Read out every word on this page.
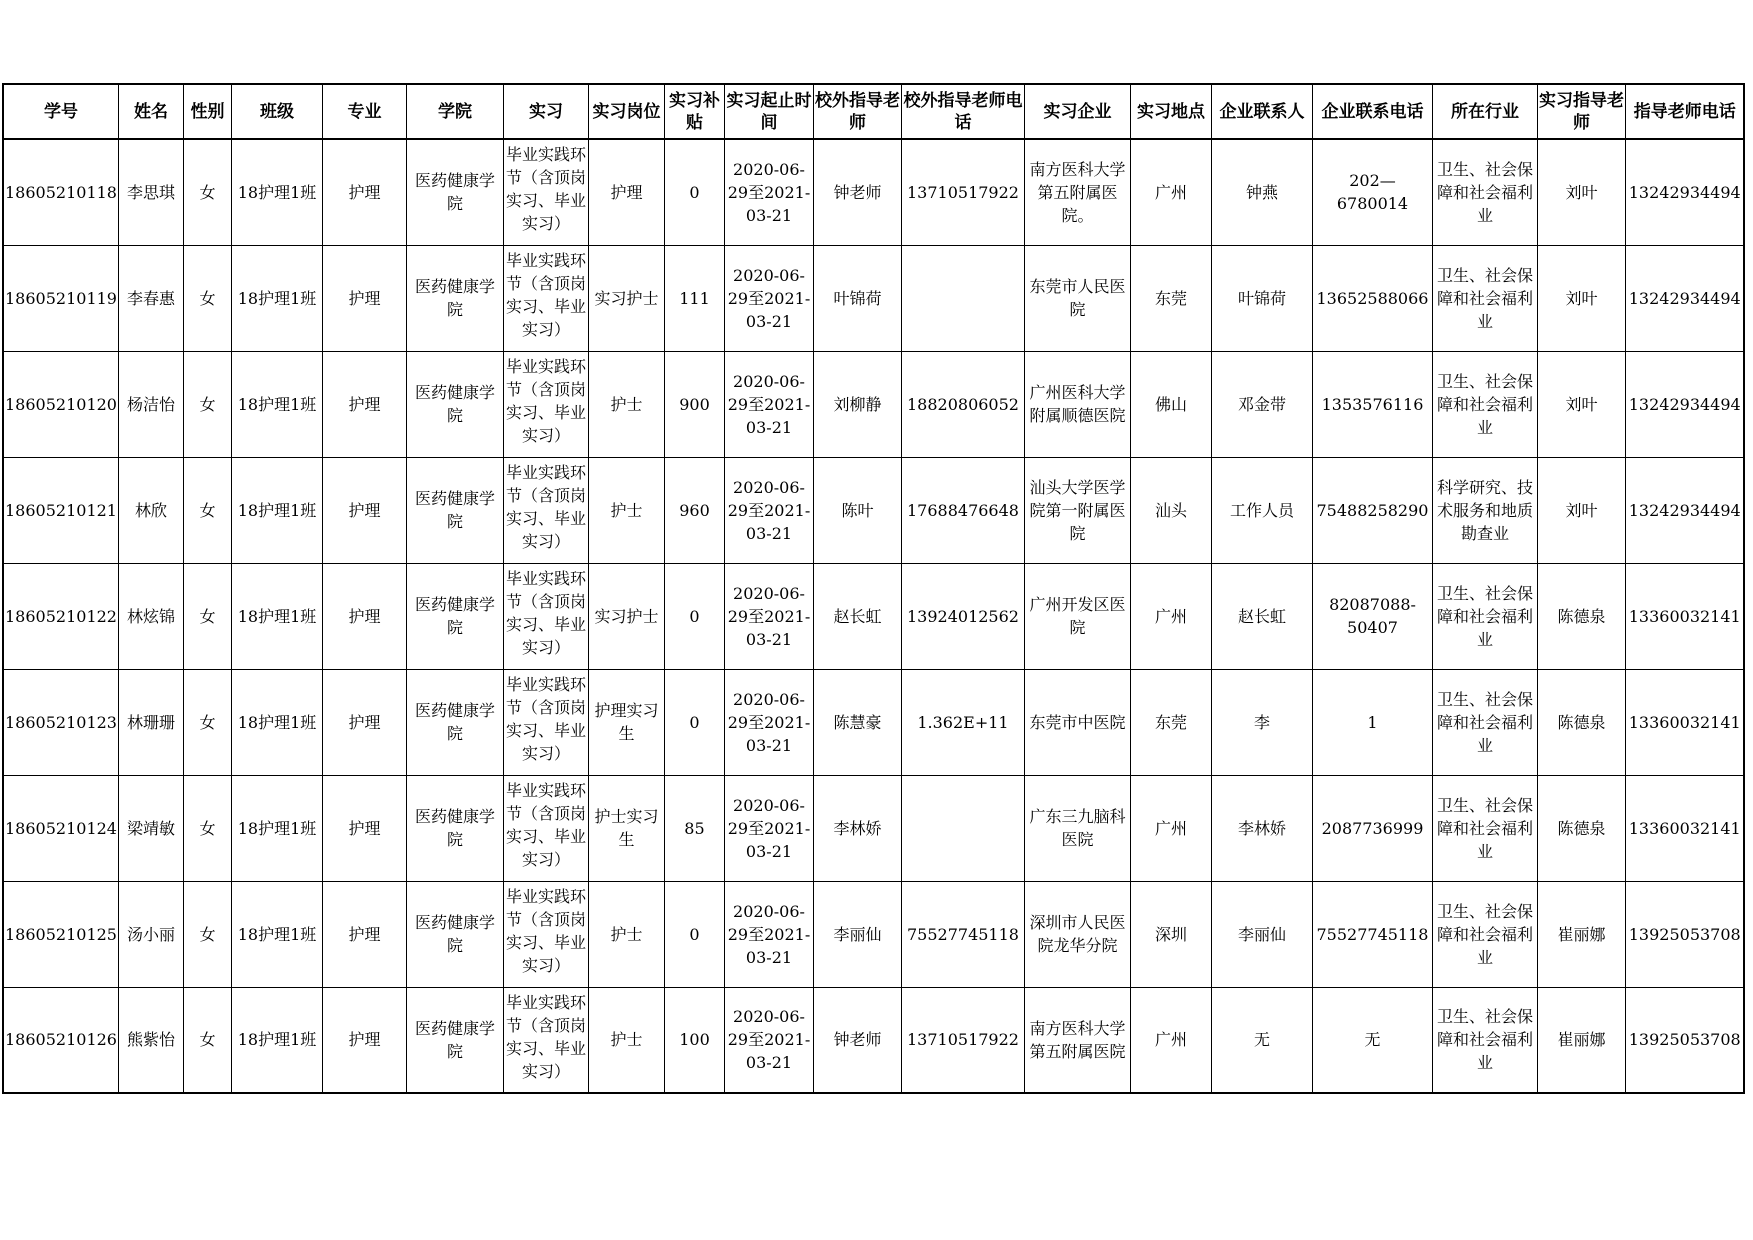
学号	姓名	性别	班级	专业	学院	实习	实习岗位	实习补贴	实习起止时间	校外指导老师	校外指导老师电话	实习企业	实习地点	企业联系人	企业联系电话	所在行业	实习指导老师	指导老师电话
18605210118	李思琪	女	18护理1班	护理	医药健康学院	毕业实践环节（含顶岗实习、毕业实习）	护理	0	2020-06-29至2021-03-21	钟老师	13710517922	南方医科大学第五附属医院。	广州	钟燕	202—6780014	卫生、社会保障和社会福利业	刘叶	13242934494
18605210119	李春惠	女	18护理1班	护理	医药健康学院	毕业实践环节（含顶岗实习、毕业实习）	实习护士	111	2020-06-29至2021-03-21	叶锦荷		东莞市人民医院	东莞	叶锦荷	13652588066	卫生、社会保障和社会福利业	刘叶	13242934494
18605210120	杨洁怡	女	18护理1班	护理	医药健康学院	毕业实践环节（含顶岗实习、毕业实习）	护士	900	2020-06-29至2021-03-21	刘柳静	18820806052	广州医科大学附属顺德医院	佛山	邓金带	1353576116	卫生、社会保障和社会福利业	刘叶	13242934494
18605210121	林欣	女	18护理1班	护理	医药健康学院	毕业实践环节（含顶岗实习、毕业实习）	护士	960	2020-06-29至2021-03-21	陈叶	17688476648	汕头大学医学院第一附属医院	汕头	工作人员	75488258290	科学研究、技术服务和地质勘查业	刘叶	13242934494
18605210122	林炫锦	女	18护理1班	护理	医药健康学院	毕业实践环节（含顶岗实习、毕业实习）	实习护士	0	2020-06-29至2021-03-21	赵长虹	13924012562	广州开发区医院	广州	赵长虹	82087088-50407	卫生、社会保障和社会福利业	陈德泉	13360032141
18605210123	林珊珊	女	18护理1班	护理	医药健康学院	毕业实践环节（含顶岗实习、毕业实习）	护理实习生	0	2020-06-29至2021-03-21	陈慧豪	1.362E+11	东莞市中医院	东莞	李	1	卫生、社会保障和社会福利业	陈德泉	13360032141
18605210124	梁靖敏	女	18护理1班	护理	医药健康学院	毕业实践环节（含顶岗实习、毕业实习）	护士实习生	85	2020-06-29至2021-03-21	李林娇		广东三九脑科医院	广州	李林娇	2087736999	卫生、社会保障和社会福利业	陈德泉	13360032141
18605210125	汤小丽	女	18护理1班	护理	医药健康学院	毕业实践环节（含顶岗实习、毕业实习）	护士	0	2020-06-29至2021-03-21	李丽仙	75527745118	深圳市人民医院龙华分院	深圳	李丽仙	75527745118	卫生、社会保障和社会福利业	崔丽娜	13925053708
18605210126	熊紫怡	女	18护理1班	护理	医药健康学院	毕业实践环节（含顶岗实习、毕业实习）	护士	100	2020-06-29至2021-03-21	钟老师	13710517922	南方医科大学第五附属医院	广州	无	无	卫生、社会保障和社会福利业	崔丽娜	13925053708
